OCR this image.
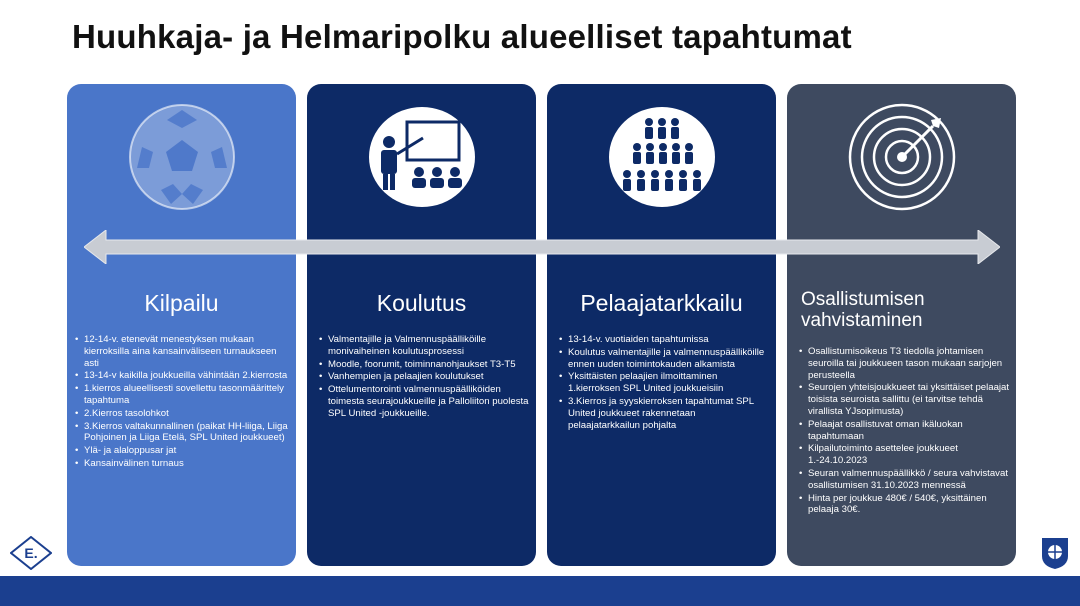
Huuhkaja- ja Helmaripolku alueelliset tapahtumat
Kilpailu
• 12-14-v. etenevät menestyksen mukaan kierroksilla aina kansainväliseen turnaukseen asti
• 13-14-v kaikilla joukkueilla vähintään 2.kierrosta
• 1.kierros alueellisesti sovellettu tasonmäärittely tapahtuma
• 2.Kierros tasolohkot
• 3.Kierros valtakunnallinen (paikat HH-liiga, Liiga Pohjoinen ja Liiga Etelä, SPL United joukkueet)
• Ylä- ja alaloppusar jat
• Kansainvälinen turnaus
Koulutus
• Valmentajille ja Valmennuspäälliköille monivaiheinen koulutusprosessi
• Moodle, foorumit, toiminnanohjaukset T3-T5
• Vanhempien ja pelaajien koulutukset
• Ottelumentorointi valmennuspäälliköiden toimesta seurajoukkueille ja Palloliiton puolesta SPL United -joukkueille.
Pelaajatarkkailu
• 13-14-v. vuotiaiden tapahtumissa
• Koulutus valmentajille ja valmennuspäälliköille ennen uuden toimintokauden alkamista
• Yksittäisten pelaajien ilmoittaminen 1.kierroksen SPL United joukkueisiin
• 3.Kierros ja syyskierroksen tapahtumat SPL United joukkueet rakennetaan pelaajatarkkailun pohjalta
Osallistumisen vahvistaminen
• Osallistumisoikeus T3 tiedolla johtamisen seuroilla tai joukkueen tason mukaan sarjojen perusteella
• Seurojen yhteisjoukkueet tai yksittäiset pelaajat toisista seuroista sallittu (ei tarvitse tehdä virallista YJsopimusta)
• Pelaajat osallistuvat oman ikäluokan tapahtumaan
• Kilpailutoiminto asettelee joukkueet 1.-24.10.2023
• Seuran valmennuspäällikkö / seura vahvistavat osallistumisen 31.10.2023 mennessä
• Hinta per joukkue 480€ / 540€, yksittäinen pelaaja 30€.
E.
